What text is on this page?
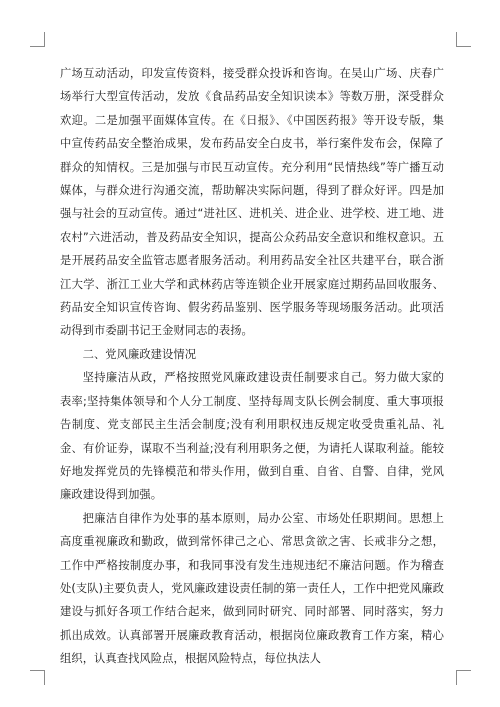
广场互动活动，印发宣传资料，接受群众投诉和咨询。在吴山广场、庆春广场举行大型宣传活动，发放《食品药品安全知识读本》等数万册，深受群众欢迎。二是加强平面媒体宣传。在《日报》、《中国医药报》等开设专版，集中宣传药品安全整治成果，发布药品安全白皮书，举行案件发布会，保障了群众的知情权。三是加强与市民互动宣传。充分利用“民情热线”等广播互动媒体，与群众进行沟通交流，帮助解决实际问题，得到了群众好评。四是加强与社会的互动宣传。通过“进社区、进机关、进企业、进学校、进工地、进农村”六进活动，普及药品安全知识，提高公众药品安全意识和维权意识。五是开展药品安全监管志愿者服务活动。利用药品安全社区共建平台，联合浙江大学、浙江工业大学和武林药店等连锁企业开展家庭过期药品回收服务、药品安全知识宣传咨询、假劣药品鉴别、医学服务等现场服务活动。此项活动得到市委副书记王金财同志的表扬。

二、党风廉政建设情况

坚持廉洁从政，严格按照党风廉政建设责任制要求自己。努力做大家的表率;坚持集体领导和个人分工制度、坚持每周支队长例会制度、重大事项报告制度、党支部民主生活会制度;没有利用职权违反规定收受贵重礼品、礼金、有价证券，谋取不当利益;没有利用职务之便，为请托人谋取利益。能较好地发挥党员的先锋模范和带头作用，做到自重、自省、自警、自律，党风廉政建设得到加强。

把廉洁自律作为处事的基本原则，局办公室、市场处任职期间。思想上高度重视廉政和勤政，做到常怀律己之心、常思贪欲之害、长戒非分之想，工作中严格按制度办事，和我同事没有发生违规违纪不廉洁问题。作为稽查处(支队)主要负责人，党风廉政建设责任制的第一责任人，工作中把党风廉政建设与抓好各项工作结合起来，做到同时研究、同时部署、同时落实，努力抓出成效。认真部署开展廉政教育活动，根据岗位廉政教育工作方案，精心组织，认真查找风险点，根据风险特点，每位执法人
